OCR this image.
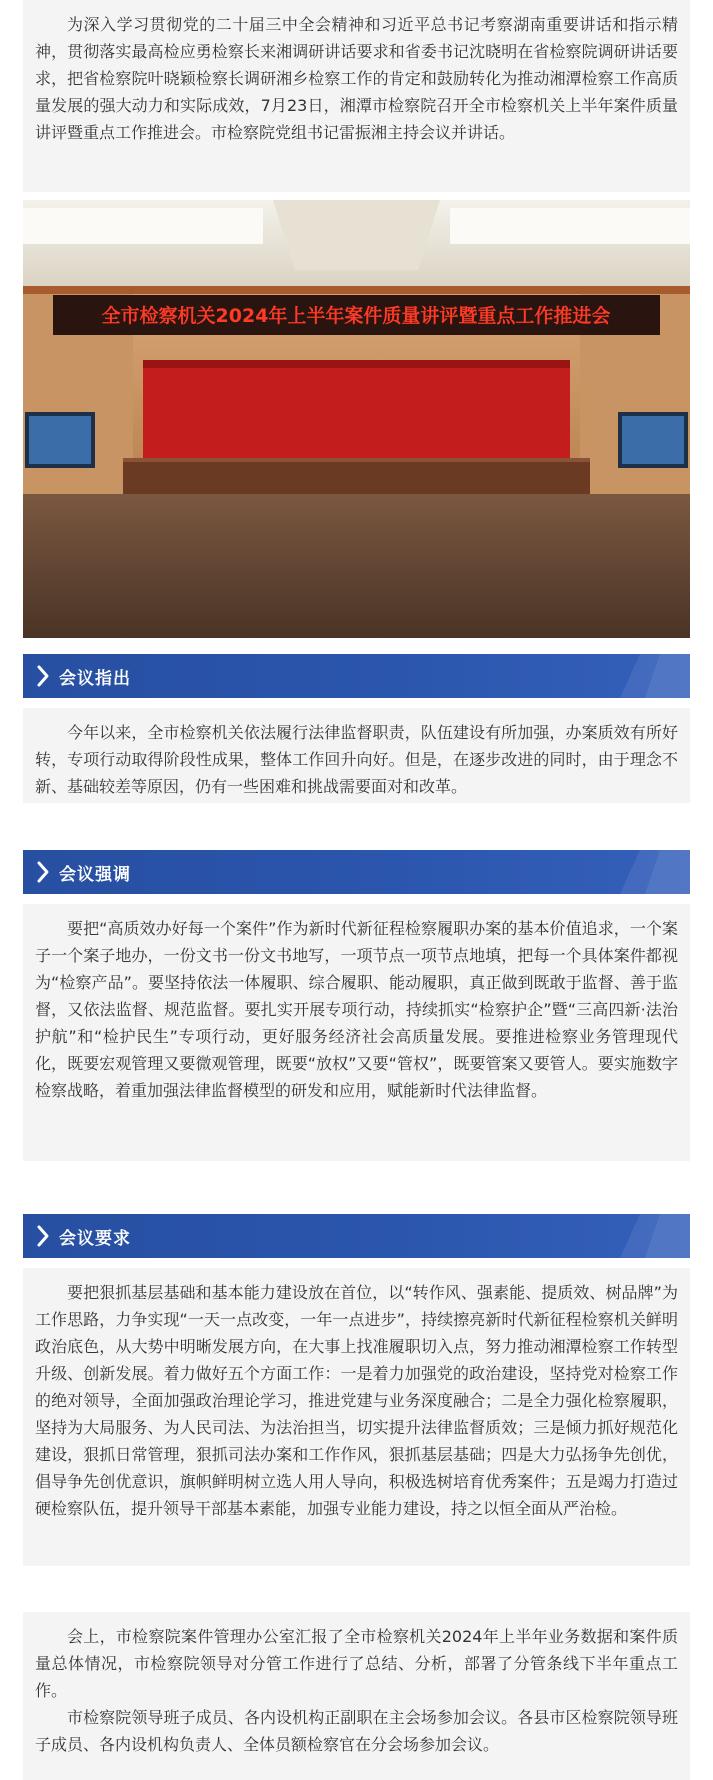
为深入学习贯彻党的二十届三中全会精神和习近平总书记考察湖南重要讲话和指示精神，贯彻落实最高检应勇检察长来湘调研讲话要求和省委书记沈晓明在省检察院调研讲话要求，把省检察院叶晓颖检察长调研湘乡检察工作的肯定和鼓励转化为推动湘潭检察工作高质量发展的强大动力和实际成效，7月23日，湘潭市检察院召开全市检察机关上半年案件质量讲评暨重点工作推进会。市检察院党组书记雷振湘主持会议并讲话。

全市检察机关2024年上半年案件质量讲评暨重点工作推进会
会议指出

今年以来，全市检察机关依法履行法律监督职责，队伍建设有所加强，办案质效有所好转，专项行动取得阶段性成果，整体工作回升向好。但是，在逐步改进的同时，由于理念不新、基础较差等原因，仍有一些困难和挑战需要面对和改革。

会议强调

要把“高质效办好每一个案件”作为新时代新征程检察履职办案的基本价值追求，一个案子一个案子地办，一份文书一份文书地写，一项节点一项节点地填，把每一个具体案件都视为“检察产品”。要坚持依法一体履职、综合履职、能动履职，真正做到既敢于监督、善于监督，又依法监督、规范监督。要扎实开展专项行动，持续抓实“检察护企”暨“三高四新·法治护航”和“检护民生”专项行动，更好服务经济社会高质量发展。要推进检察业务管理现代化，既要宏观管理又要微观管理，既要“放权”又要“管权”，既要管案又要管人。要实施数字检察战略，着重加强法律监督模型的研发和应用，赋能新时代法律监督。

会议要求

要把狠抓基层基础和基本能力建设放在首位，以“转作风、强素能、提质效、树品牌”为工作思路，力争实现“一天一点改变，一年一点进步”，持续擦亮新时代新征程检察机关鲜明政治底色，从大势中明晰发展方向，在大事上找准履职切入点，努力推动湘潭检察工作转型升级、创新发展。着力做好五个方面工作：一是着力加强党的政治建设，坚持党对检察工作的绝对领导，全面加强政治理论学习，推进党建与业务深度融合；二是全力强化检察履职，坚持为大局服务、为人民司法、为法治担当，切实提升法律监督质效；三是倾力抓好规范化建设，狠抓日常管理，狠抓司法办案和工作作风，狠抓基层基础；四是大力弘扬争先创优，倡导争先创优意识，旗帜鲜明树立选人用人导向，积极选树培育优秀案件；五是竭力打造过硬检察队伍，提升领导干部基本素能，加强专业能力建设，持之以恒全面从严治检。

会上，市检察院案件管理办公室汇报了全市检察机关2024年上半年业务数据和案件质量总体情况，市检察院领导对分管工作进行了总结、分析，部署了分管条线下半年重点工作。

市检察院领导班子成员、各内设机构正副职在主会场参加会议。各县市区检察院领导班子成员、各内设机构负责人、全体员额检察官在分会场参加会议。
